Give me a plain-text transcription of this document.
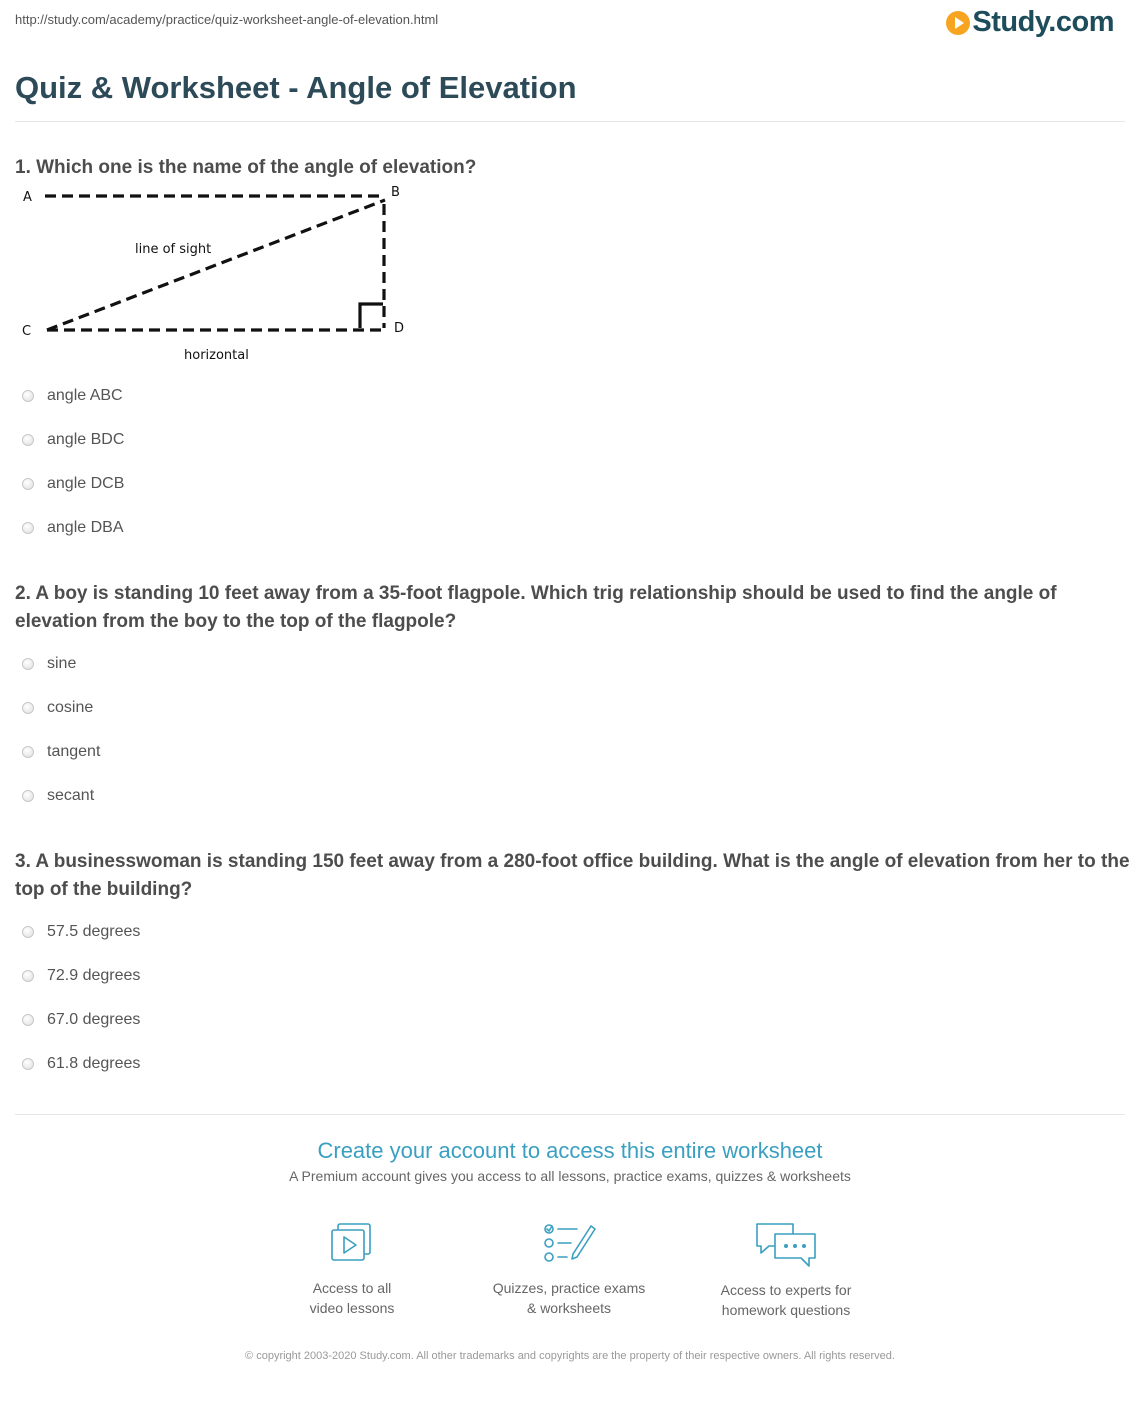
http://study.com/academy/practice/quiz-worksheet-angle-of-elevation.html	Study.com
Quiz & Worksheet - Angle of Elevation
1. Which one is the name of the angle of elevation?
A	B
C	D
line of sight
horizontal
angle ABC
angle BDC
angle DCB
angle DBA
2. A boy is standing 10 feet away from a 35-foot flagpole. Which trig relationship should be used to find the angle of elevation from the boy to the top of the flagpole?
sine
cosine
tangent
secant
3. A businesswoman is standing 150 feet away from a 280-foot office building. What is the angle of elevation from her to the top of the building?
57.5 degrees
72.9 degrees
67.0 degrees
61.8 degrees
Create your account to access this entire worksheet
A Premium account gives you access to all lessons, practice exams, quizzes & worksheets
Access to all
video lessons
Quizzes, practice exams
& worksheets
Access to experts for
homework questions
© copyright 2003-2020 Study.com. All other trademarks and copyrights are the property of their respective owners. All rights reserved.
